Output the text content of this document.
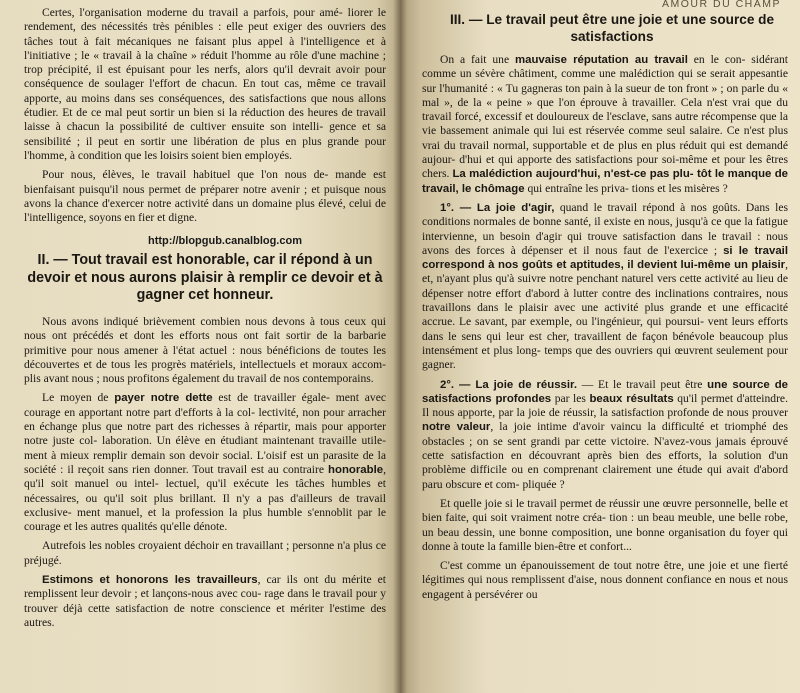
Certes, l'organisation moderne du travail a parfois, pour amé- liorer le rendement, des nécessités très pénibles : elle peut exiger des ouvriers des tâches tout à fait mécaniques ne faisant plus appel à l'intelligence et à l'initiative ; le « travail à la chaîne » réduit l'homme au rôle d'une machine ; trop précipité, il est épuisant pour les nerfs, alors qu'il devrait avoir pour conséquence de soulager l'effort de chacun. En tout cas, même ce travail apporte, au moins dans ses conséquences, des satisfactions que nous allons étudier. Et de ce mal peut sortir un bien si la réduction des heures de travail laisse à chacun la possibilité de cultiver ensuite son intelli- gence et sa sensibilité ; il peut en sortir une libération de plus en plus grande pour l'homme, à condition que les loisirs soient bien employés.

Pour nous, élèves, le travail habituel que l'on nous de- mande est bienfaisant puisqu'il nous permet de préparer notre avenir ; et puisque nous avons la chance d'exercer notre activité dans un domaine plus élevé, celui de l'intelligence, soyons en fier et digne.

http://blopgub.canalblog.com
II. — Tout travail est honorable, car il répond à un devoir et nous aurons plaisir à remplir ce devoir et à gagner cet honneur.

Nous avons indiqué brièvement combien nous devons à tous ceux qui nous ont précédés et dont les efforts nous ont fait sortir de la barbarie primitive pour nous amener à l'état actuel : nous bénéficions de toutes les découvertes et de tous les progrès matériels, intellectuels et moraux accom- plis avant nous ; nous profitons également du travail de nos contemporains.

Le moyen de payer notre dette est de travailler égale- ment avec courage en apportant notre part d'efforts à la col- lectivité, non pour arracher en échange plus que notre part des richesses à répartir, mais pour apporter notre juste col- laboration. Un élève en étudiant maintenant travaille utile- ment à mieux remplir demain son devoir social. L'oisif est un parasite de la société : il reçoit sans rien donner. Tout travail est au contraire honorable, qu'il soit manuel ou intel- lectuel, qu'il exécute les tâches humbles et nécessaires, ou qu'il soit plus brillant. Il n'y a pas d'ailleurs de travail exclusive- ment manuel, et la profession la plus humble s'ennoblit par le courage et les autres qualités qu'elle dénote.

Autrefois les nobles croyaient déchoir en travaillant ; personne n'a plus ce préjugé.

Estimons et honorons les travailleurs, car ils ont du mérite et remplissent leur devoir ; et lançons-nous avec cou- rage dans le travail pour y trouver déjà cette satisfaction de notre conscience et mériter l'estime des autres.

AMOUR DU CHAMP
III. — Le travail peut être une joie et une source de satisfactions

On a fait une mauvaise réputation au travail en le con- sidérant comme un sévère châtiment, comme une malédiction qui se serait appesantie sur l'humanité : « Tu gagneras ton pain à la sueur de ton front » ; on parle du « mal », de la « peine » que l'on éprouve à travailler. Cela n'est vrai que du travail forcé, excessif et douloureux de l'esclave, sans autre récompense que la vie bassement animale qui lui est réservée comme seul salaire. Ce n'est plus vrai du travail normal, supportable et de plus en plus réduit qui est demandé aujour- d'hui et qui apporte des satisfactions pour soi-même et pour les êtres chers. La malédiction aujourd'hui, n'est-ce pas plu- tôt le manque de travail, le chômage qui entraîne les priva- tions et les misères ?

1°. — La joie d'agir, quand le travail répond à nos goûts. Dans les conditions normales de bonne santé, il existe en nous, jusqu'à ce que la fatigue intervienne, un besoin d'agir qui trouve satisfaction dans le travail : nous avons des forces à dépenser et il nous faut de l'exercice ; si le travail correspond à nos goûts et aptitudes, il devient lui-même un plaisir, et, n'ayant plus qu'à suivre notre penchant naturel vers cette activité au lieu de dépenser notre effort d'abord à lutter contre des inclinations contraires, nous travaillons dans le plaisir avec une activité plus grande et une efficacité accrue. Le savant, par exemple, ou l'ingénieur, qui poursui- vent leurs efforts dans le sens qui leur est cher, travaillent de façon bénévole beaucoup plus intensément et plus long- temps que des ouvriers qui œuvrent seulement pour gagner.

2°. — La joie de réussir. — Et le travail peut être une source de satisfactions profondes par les beaux résultats qu'il permet d'atteindre. Il nous apporte, par la joie de réussir, la satisfaction profonde de nous prouver notre valeur, la joie intime d'avoir vaincu la difficulté et triomphé des obstacles ; on se sent grandi par cette victoire. N'avez-vous jamais éprouvé cette satisfaction en découvrant après bien des efforts, la solution d'un problème difficile ou en comprenant clairement une étude qui avait d'abord paru obscure et com- pliquée ?

Et quelle joie si le travail permet de réussir une œuvre personnelle, belle et bien faite, qui soit vraiment notre créa- tion : un beau meuble, une belle robe, un beau dessin, une bonne composition, une bonne organisation du foyer qui donne à toute la famille bien-être et confort...

C'est comme un épanouissement de tout notre être, une joie et une fierté légitimes qui nous remplissent d'aise, nous donnent confiance en nous et nous engagent à persévérer ou
